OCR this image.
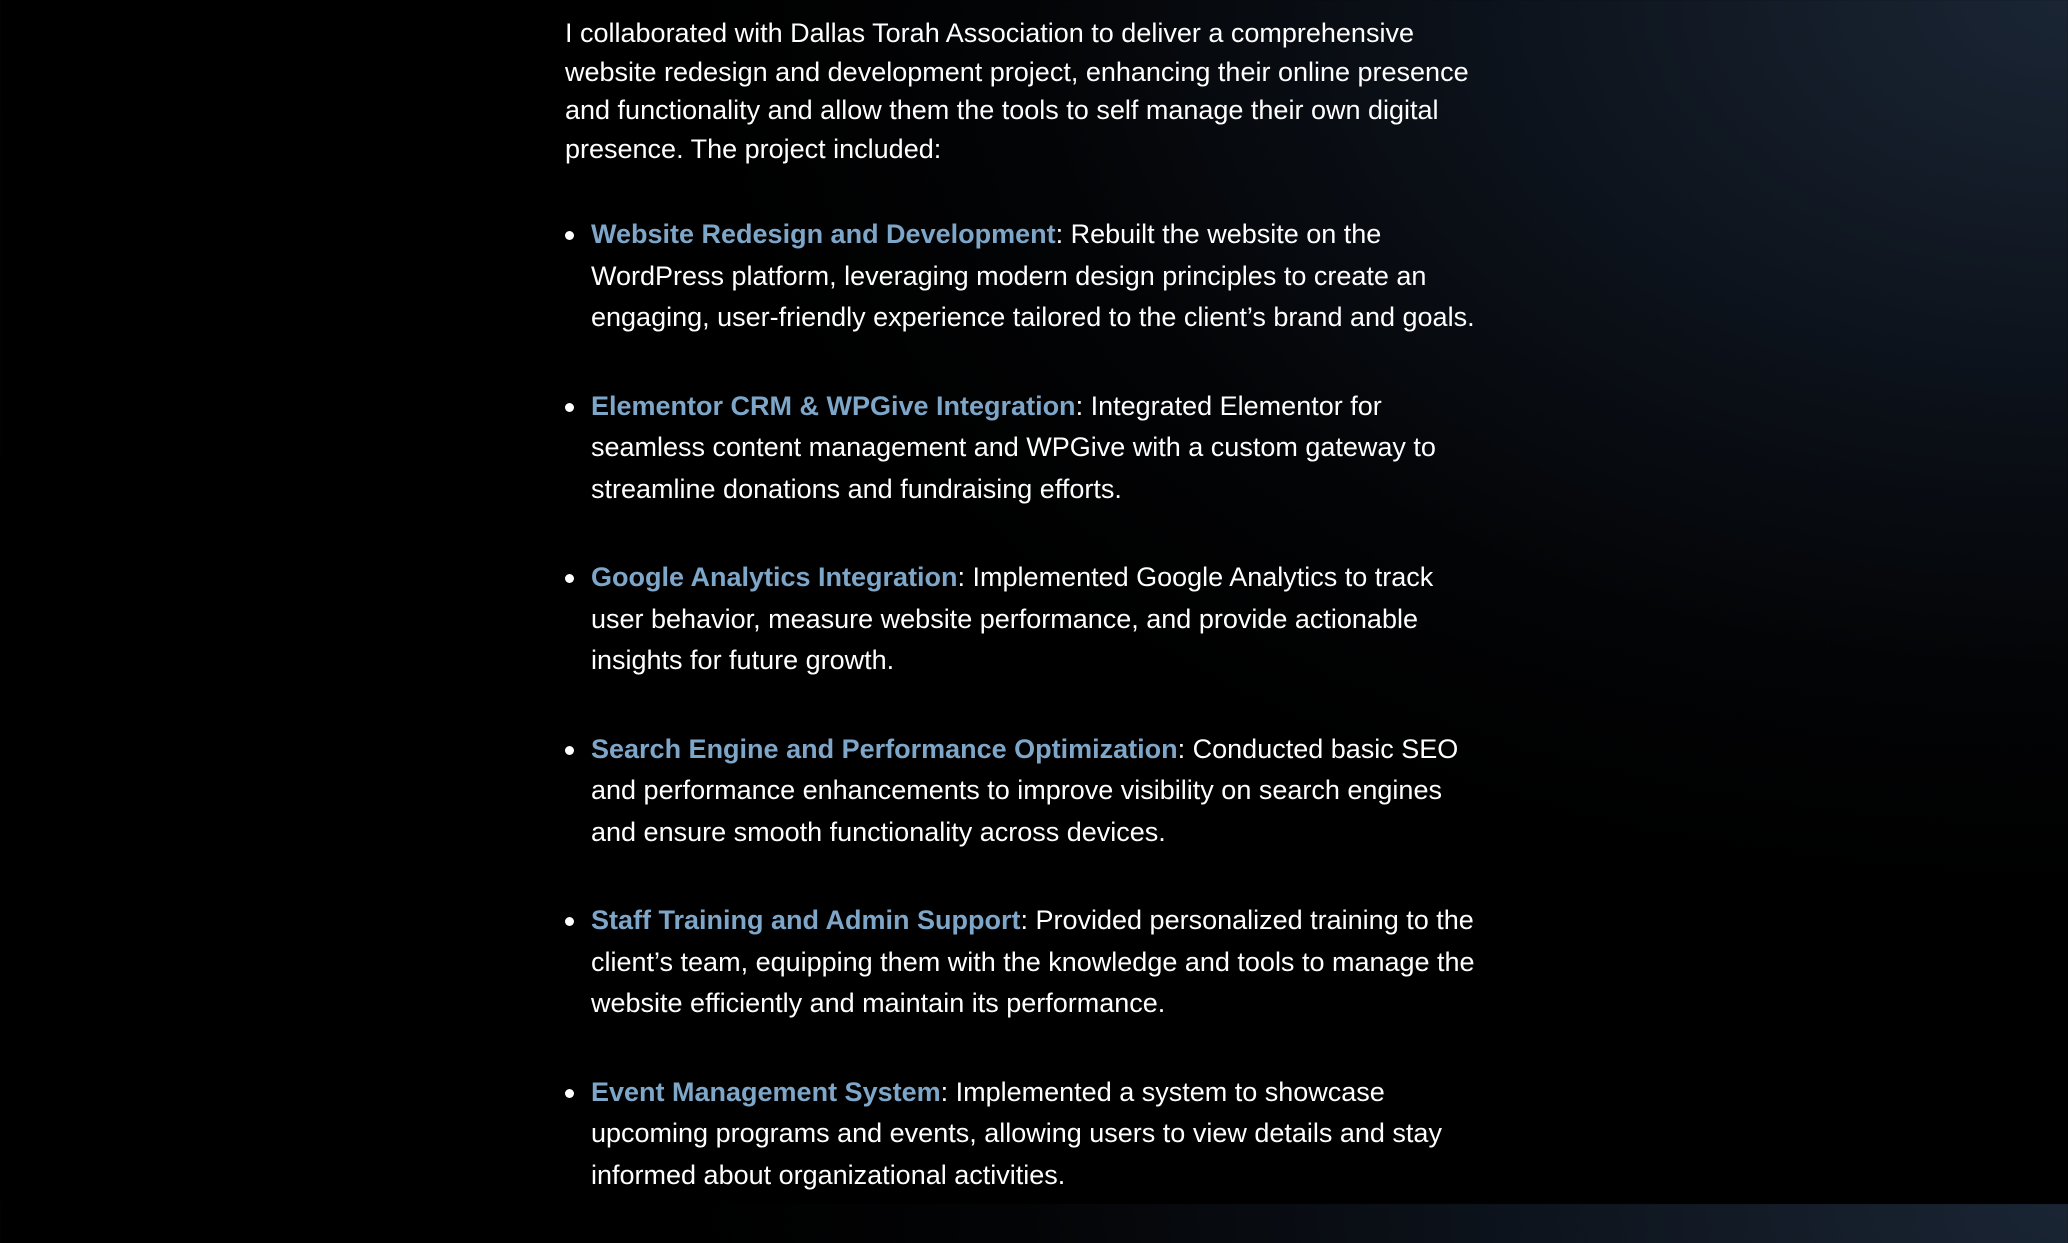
I collaborated with Dallas Torah Association to deliver a comprehensive website redesign and development project, enhancing their online presence and functionality and allow them the tools to self manage their own digital presence. The project included:

Website Redesign and Development: Rebuilt the website on the WordPress platform, leveraging modern design principles to create an engaging, user-friendly experience tailored to the client’s brand and goals.
Elementor CRM & WPGive Integration: Integrated Elementor for seamless content management and WPGive with a custom gateway to streamline donations and fundraising efforts.
Google Analytics Integration: Implemented Google Analytics to track user behavior, measure website performance, and provide actionable insights for future growth.
Search Engine and Performance Optimization: Conducted basic SEO and performance enhancements to improve visibility on search engines and ensure smooth functionality across devices.
Staff Training and Admin Support: Provided personalized training to the client’s team, equipping them with the knowledge and tools to manage the website efficiently and maintain its performance.
Event Management System: Implemented a system to showcase upcoming programs and events, allowing users to view details and stay informed about organizational activities.
